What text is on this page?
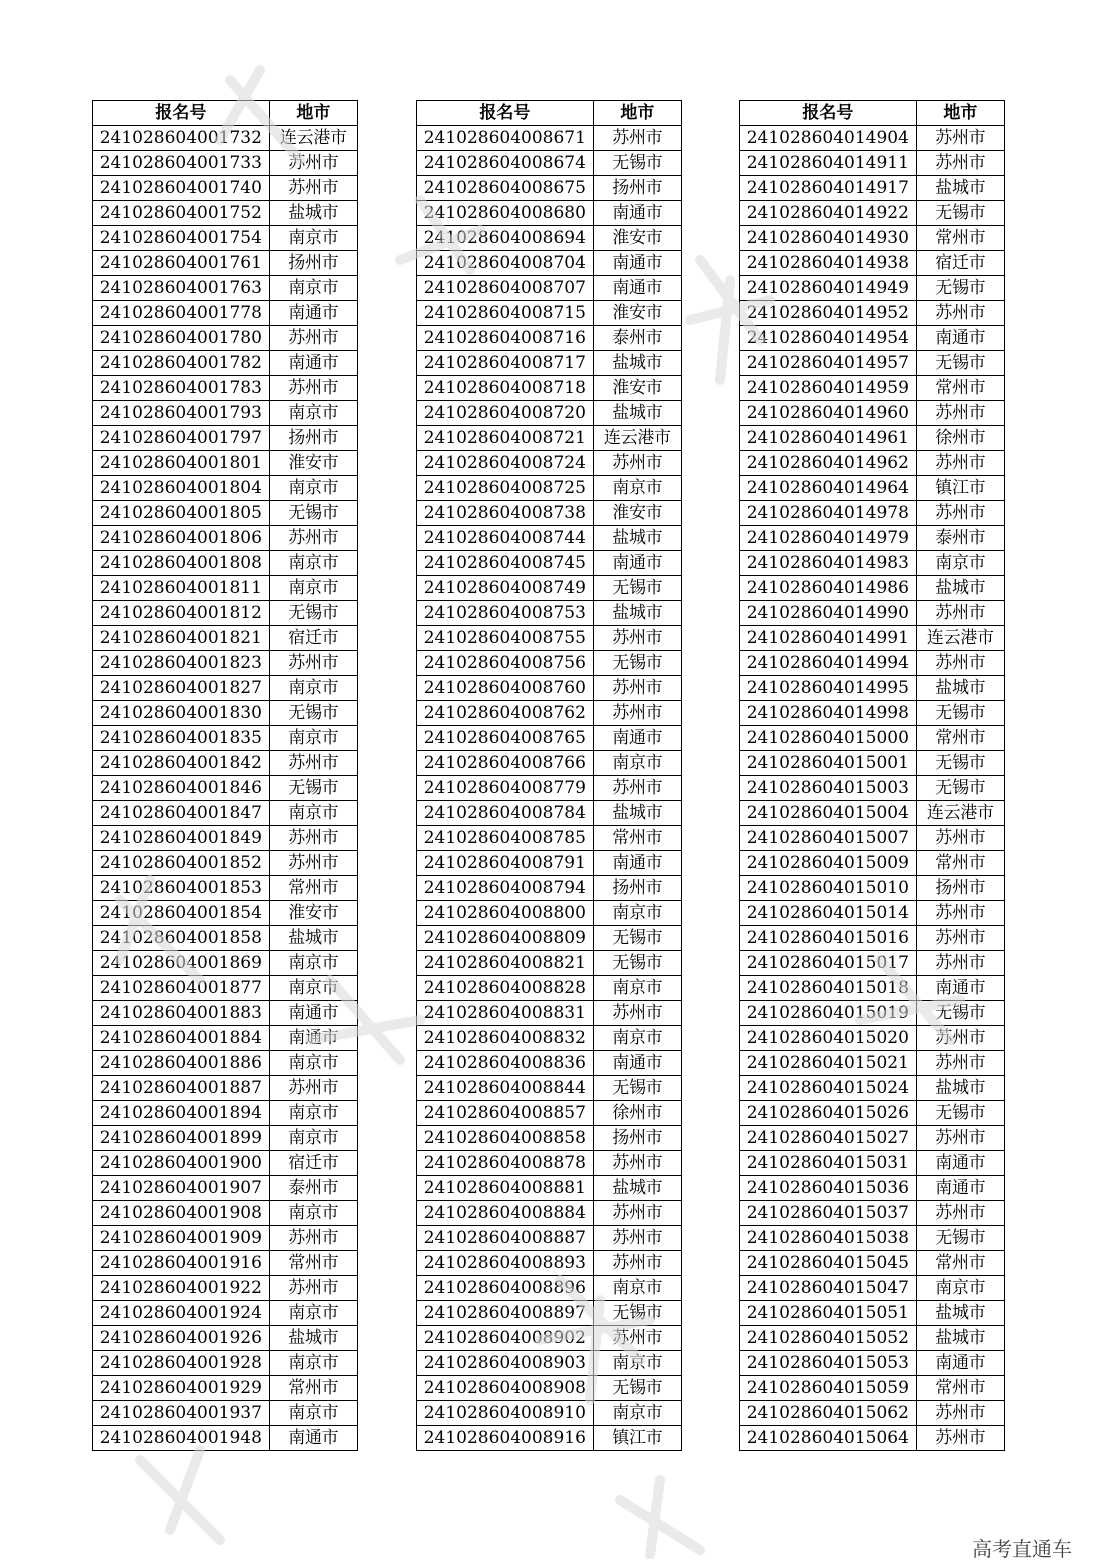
报名号	地市
241028604001732	连云港市
241028604001733	苏州市
241028604001740	苏州市
241028604001752	盐城市
241028604001754	南京市
241028604001761	扬州市
241028604001763	南京市
241028604001778	南通市
241028604001780	苏州市
241028604001782	南通市
241028604001783	苏州市
241028604001793	南京市
241028604001797	扬州市
241028604001801	淮安市
241028604001804	南京市
241028604001805	无锡市
241028604001806	苏州市
241028604001808	南京市
241028604001811	南京市
241028604001812	无锡市
241028604001821	宿迁市
241028604001823	苏州市
241028604001827	南京市
241028604001830	无锡市
241028604001835	南京市
241028604001842	苏州市
241028604001846	无锡市
241028604001847	南京市
241028604001849	苏州市
241028604001852	苏州市
241028604001853	常州市
241028604001854	淮安市
241028604001858	盐城市
241028604001869	南京市
241028604001877	南京市
241028604001883	南通市
241028604001884	南通市
241028604001886	南京市
241028604001887	苏州市
241028604001894	南京市
241028604001899	南京市
241028604001900	宿迁市
241028604001907	泰州市
241028604001908	南京市
241028604001909	苏州市
241028604001916	常州市
241028604001922	苏州市
241028604001924	南京市
241028604001926	盐城市
241028604001928	南京市
241028604001929	常州市
241028604001937	南京市
241028604001948	南通市
报名号	地市
241028604008671	苏州市
241028604008674	无锡市
241028604008675	扬州市
241028604008680	南通市
241028604008694	淮安市
241028604008704	南通市
241028604008707	南通市
241028604008715	淮安市
241028604008716	泰州市
241028604008717	盐城市
241028604008718	淮安市
241028604008720	盐城市
241028604008721	连云港市
241028604008724	苏州市
241028604008725	南京市
241028604008738	淮安市
241028604008744	盐城市
241028604008745	南通市
241028604008749	无锡市
241028604008753	盐城市
241028604008755	苏州市
241028604008756	无锡市
241028604008760	苏州市
241028604008762	苏州市
241028604008765	南通市
241028604008766	南京市
241028604008779	苏州市
241028604008784	盐城市
241028604008785	常州市
241028604008791	南通市
241028604008794	扬州市
241028604008800	南京市
241028604008809	无锡市
241028604008821	无锡市
241028604008828	南京市
241028604008831	苏州市
241028604008832	南京市
241028604008836	南通市
241028604008844	无锡市
241028604008857	徐州市
241028604008858	扬州市
241028604008878	苏州市
241028604008881	盐城市
241028604008884	苏州市
241028604008887	苏州市
241028604008893	苏州市
241028604008896	南京市
241028604008897	无锡市
241028604008902	苏州市
241028604008903	南京市
241028604008908	无锡市
241028604008910	南京市
241028604008916	镇江市
报名号	地市
241028604014904	苏州市
241028604014911	苏州市
241028604014917	盐城市
241028604014922	无锡市
241028604014930	常州市
241028604014938	宿迁市
241028604014949	无锡市
241028604014952	苏州市
241028604014954	南通市
241028604014957	无锡市
241028604014959	常州市
241028604014960	苏州市
241028604014961	徐州市
241028604014962	苏州市
241028604014964	镇江市
241028604014978	苏州市
241028604014979	泰州市
241028604014983	南京市
241028604014986	盐城市
241028604014990	苏州市
241028604014991	连云港市
241028604014994	苏州市
241028604014995	盐城市
241028604014998	无锡市
241028604015000	常州市
241028604015001	无锡市
241028604015003	无锡市
241028604015004	连云港市
241028604015007	苏州市
241028604015009	常州市
241028604015010	扬州市
241028604015014	苏州市
241028604015016	苏州市
241028604015017	苏州市
241028604015018	南通市
241028604015019	无锡市
241028604015020	苏州市
241028604015021	苏州市
241028604015024	盐城市
241028604015026	无锡市
241028604015027	苏州市
241028604015031	南通市
241028604015036	南通市
241028604015037	苏州市
241028604015038	无锡市
241028604015045	常州市
241028604015047	南京市
241028604015051	盐城市
241028604015052	盐城市
241028604015053	南通市
241028604015059	常州市
241028604015062	苏州市
241028604015064	苏州市
高考直通车
